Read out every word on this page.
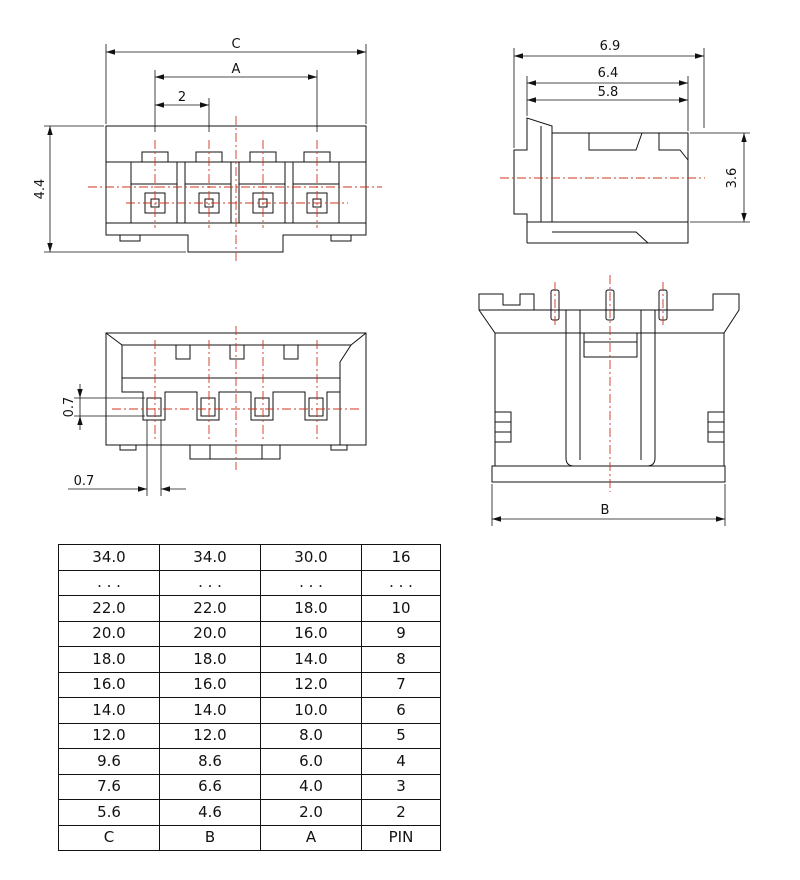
C
A
2
4.4
6.9
6.4
5.8
3.6
0.7
0.7
B
34.0	34.0	30.0	16
. . .	. . .	. . .	. . .
22.0	22.0	18.0	10
20.0	20.0	16.0	9
18.0	18.0	14.0	8
16.0	16.0	12.0	7
14.0	14.0	10.0	6
12.0	12.0	8.0	5
9.6	8.6	6.0	4
7.6	6.6	4.0	3
5.6	4.6	2.0	2
C	B	A	PIN
